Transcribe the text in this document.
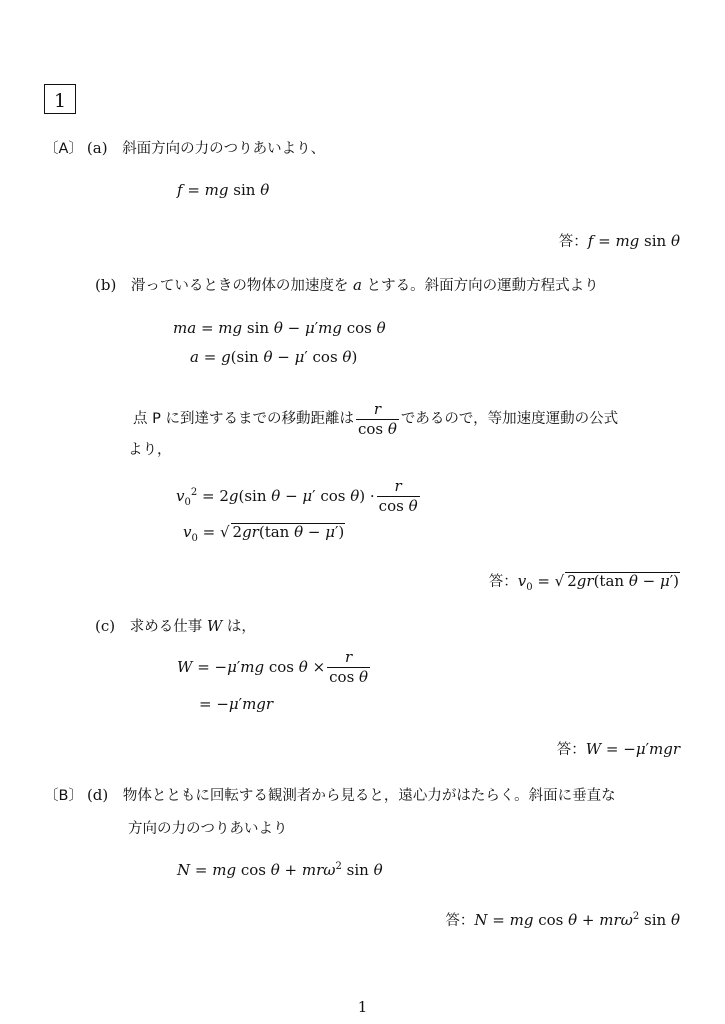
1
〔A〕 (a) 斜面方向の力のつりあいより、
f = mg sin θ
答：f = mg sin θ
(b) 滑っているときの物体の加速度を a とする。斜面方向の運動方程式より
ma = mg sin θ − μ′mg cos θ
a = g(sin θ − μ′ cos θ)
点 P に到達するまでの移動距離は $\frac{r}{\text{cos θ}}$ であるので，等加速度運動の公式
より，
$v_0^2 = 2g(\sin$ θ − μ′ $\cos \theta) \cdot \frac{r}{\text{cos θ}}$
$v_0$ = √ 2gr(tan θ − μ′)
答：$v_0$ = √ 2gr(tan θ − μ′)
(c) 求める仕事 W は，
W = −μ′mg $\cos \theta \times \frac{r}{\text{cos θ}}$
= −μ′mgr
答：W = −μ′mgr
〔B〕 (d) 物体とともに回転する観測者から見ると，遠心力がはたらく。斜面に垂直な
方向の力のつりあいより
N = mg cos θ + mrω$^2$ sin θ
答：N = mg cos θ + mrω$^2$ sin θ
1
